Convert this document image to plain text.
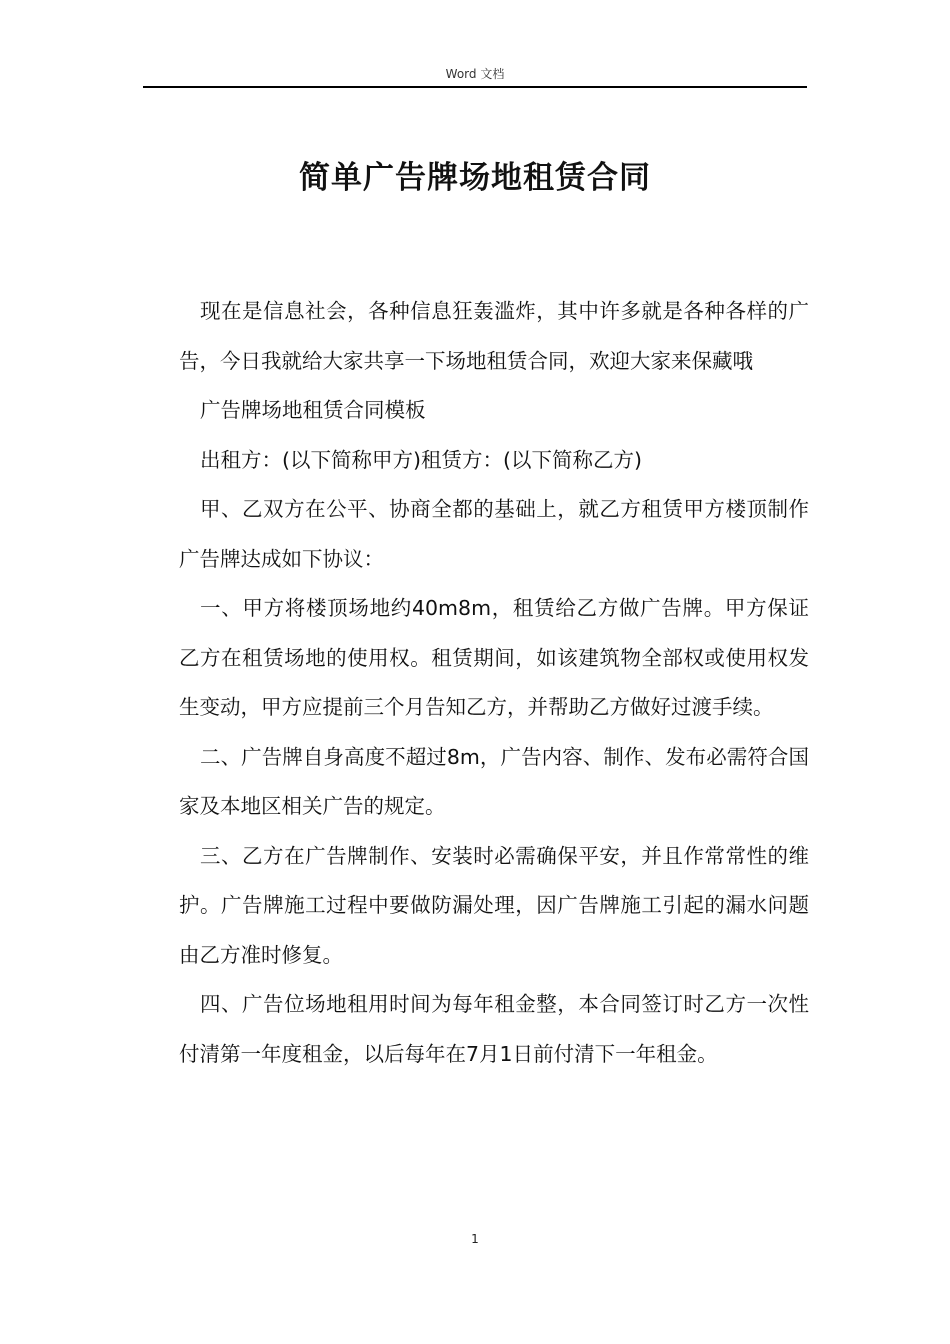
Word 文档
简单广告牌场地租赁合同

现在是信息社会，各种信息狂轰滥炸，其中许多就是各种各样的广告，今日我就给大家共享一下场地租赁合同，欢迎大家来保藏哦

广告牌场地租赁合同模板

出租方：(以下简称甲方)租赁方：(以下简称乙方)

甲、乙双方在公平、协商全都的基础上，就乙方租赁甲方楼顶制作广告牌达成如下协议：

一、甲方将楼顶场地约40m8m，租赁给乙方做广告牌。甲方保证乙方在租赁场地的使用权。租赁期间，如该建筑物全部权或使用权发生变动，甲方应提前三个月告知乙方，并帮助乙方做好过渡手续。

二、广告牌自身高度不超过8m，广告内容、制作、发布必需符合国家及本地区相关广告的规定。

三、乙方在广告牌制作、安装时必需确保平安，并且作常常性的维护。广告牌施工过程中要做防漏处理，因广告牌施工引起的漏水问题由乙方准时修复。

四、广告位场地租用时间为每年租金整，本合同签订时乙方一次性付清第一年度租金，以后每年在7月1日前付清下一年租金。

1
